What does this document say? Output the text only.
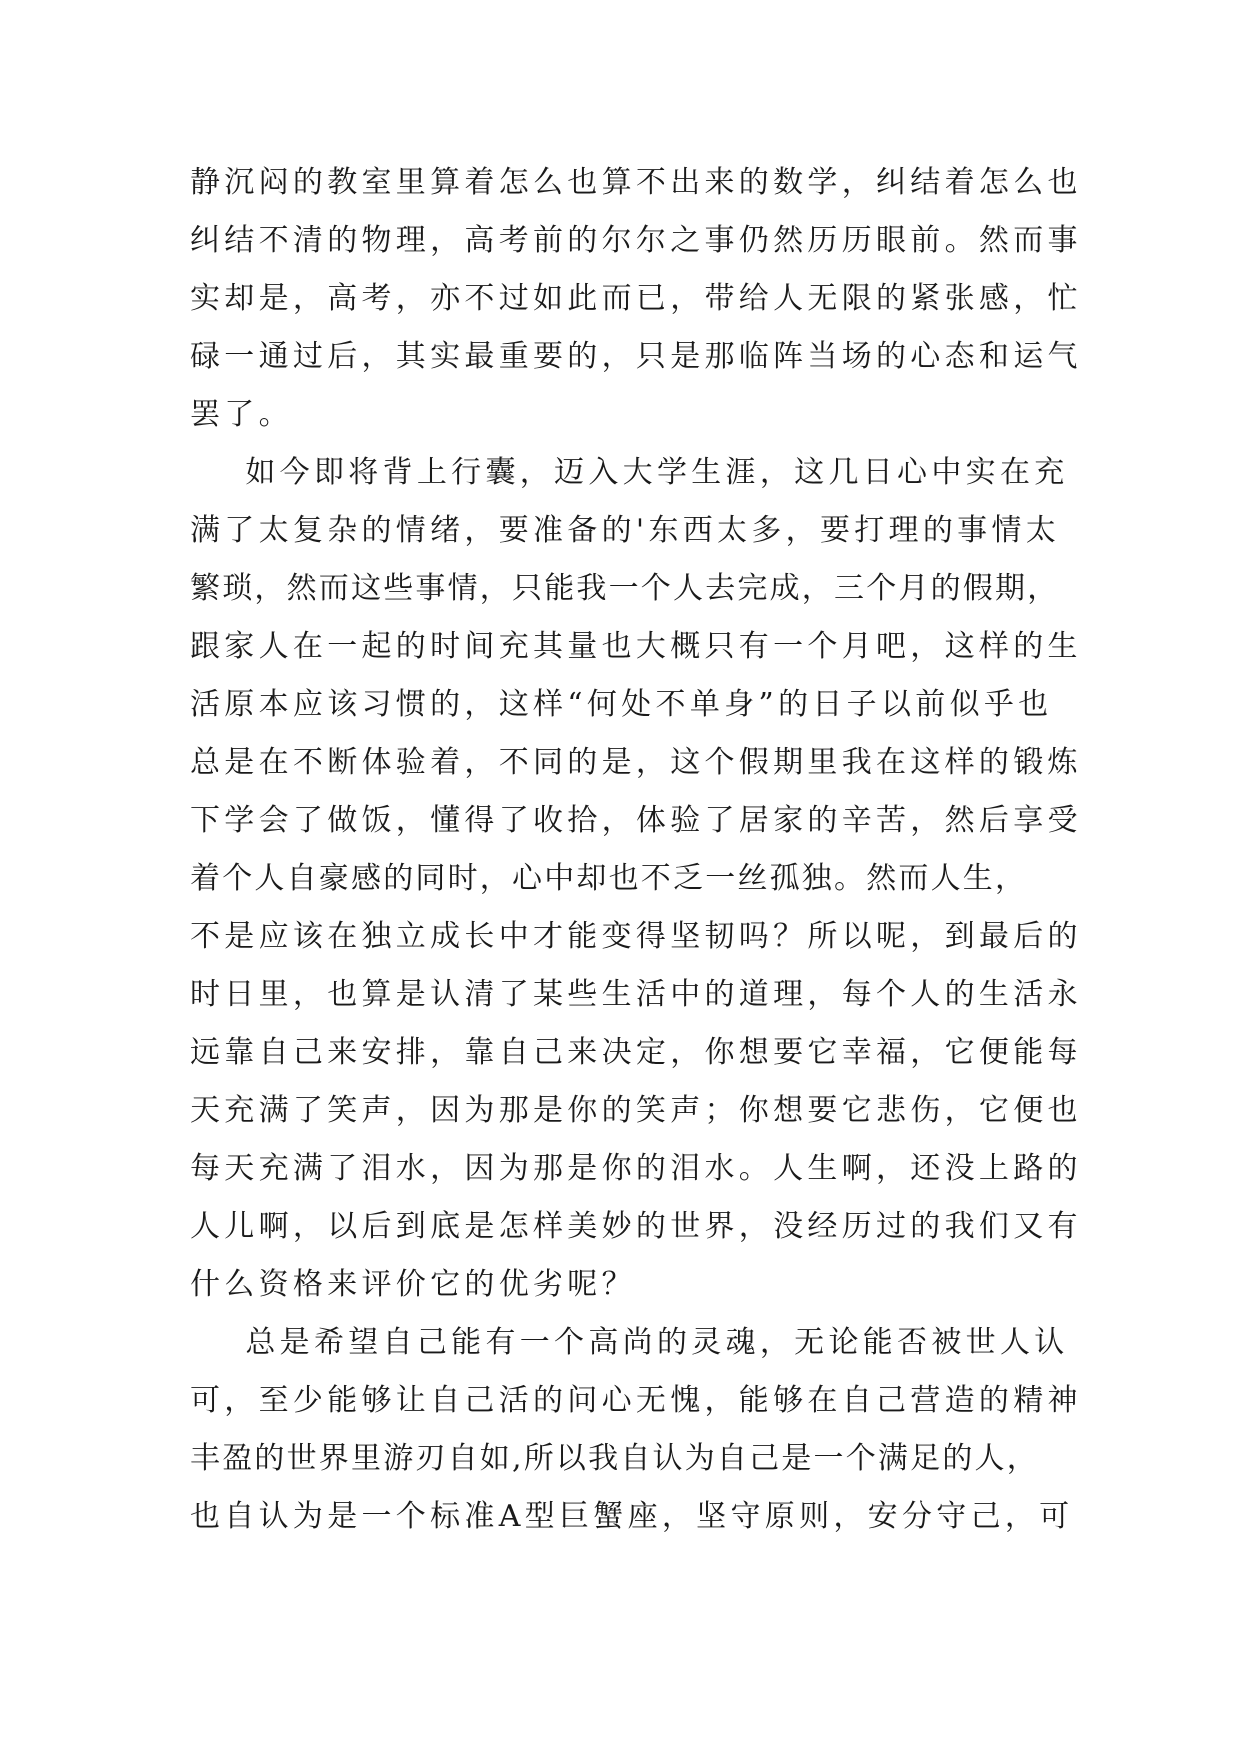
静沉闷的教室里算着怎么也算不出来的数学，纠结着怎么也
纠结不清的物理，高考前的尔尔之事仍然历历眼前。然而事
实却是，高考，亦不过如此而已，带给人无限的紧张感，忙
碌一通过后，其实最重要的，只是那临阵当场的心态和运气
罢了。
如今即将背上行囊，迈入大学生涯，这几日心中实在充
满了太复杂的情绪，要准备的'东西太多，要打理的事情太
繁琐，然而这些事情，只能我一个人去完成，三个月的假期，
跟家人在一起的时间充其量也大概只有一个月吧，这样的生
活原本应该习惯的，这样“何处不单身”的日子以前似乎也
总是在不断体验着，不同的是，这个假期里我在这样的锻炼
下学会了做饭，懂得了收拾，体验了居家的辛苦，然后享受
着个人自豪感的同时，心中却也不乏一丝孤独。然而人生，
不是应该在独立成长中才能变得坚韧吗？所以呢，到最后的
时日里，也算是认清了某些生活中的道理，每个人的生活永
远靠自己来安排，靠自己来决定，你想要它幸福，它便能每
天充满了笑声，因为那是你的笑声；你想要它悲伤，它便也
每天充满了泪水，因为那是你的泪水。人生啊，还没上路的
人儿啊，以后到底是怎样美妙的世界，没经历过的我们又有
什么资格来评价它的优劣呢？
总是希望自己能有一个高尚的灵魂，无论能否被世人认
可，至少能够让自己活的问心无愧，能够在自己营造的精神
丰盈的世界里游刃自如,所以我自认为自己是一个满足的人，
也自认为是一个标准A型巨蟹座，坚守原则，安分守己，可
